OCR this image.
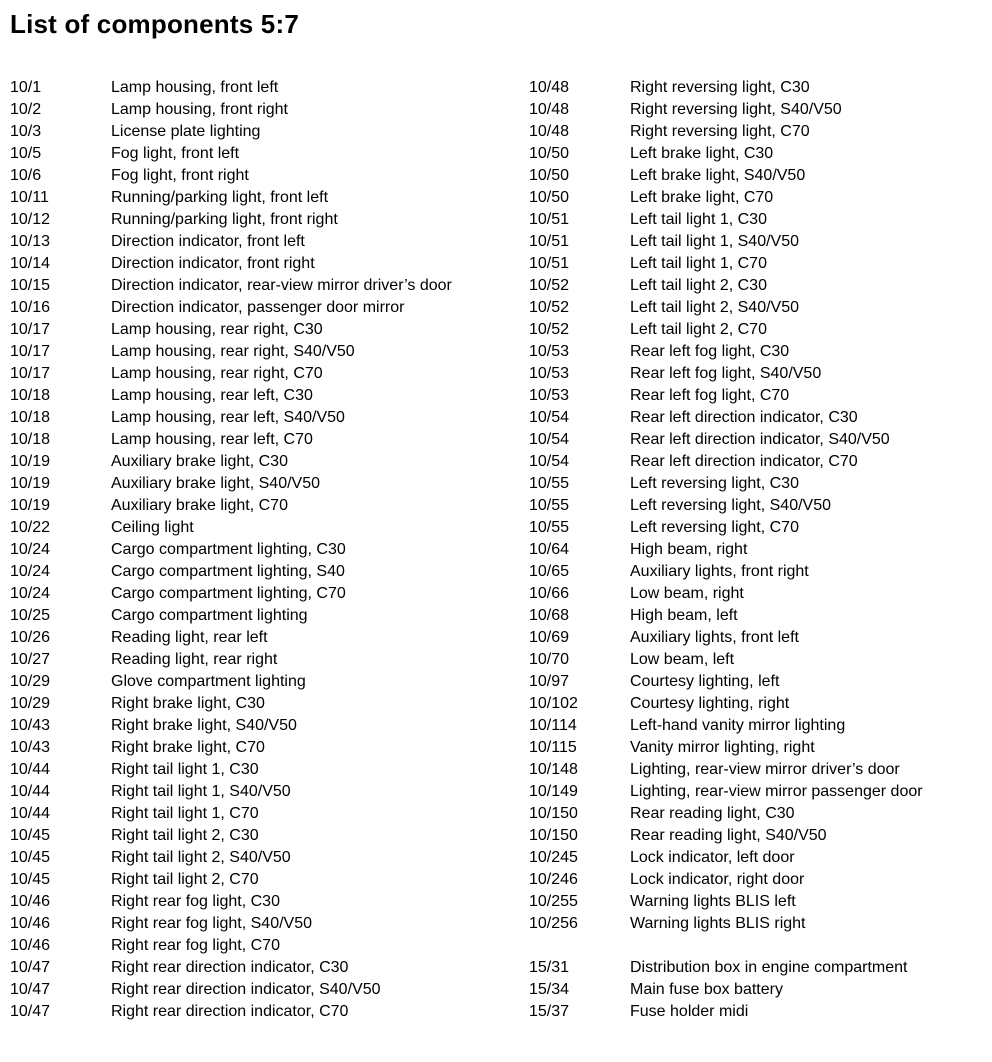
List of components 5:7
10/1	Lamp housing, front left
10/2	Lamp housing, front right
10/3	License plate lighting
10/5	Fog light, front left
10/6	Fog light, front right
10/11	Running/parking light, front left
10/12	Running/parking light, front right
10/13	Direction indicator, front left
10/14	Direction indicator, front right
10/15	Direction indicator, rear-view mirror driver’s door
10/16	Direction indicator, passenger door mirror
10/17	Lamp housing, rear right, C30
10/17	Lamp housing, rear right, S40/V50
10/17	Lamp housing, rear right, C70
10/18	Lamp housing, rear left, C30
10/18	Lamp housing, rear left, S40/V50
10/18	Lamp housing, rear left, C70
10/19	Auxiliary brake light, C30
10/19	Auxiliary brake light, S40/V50
10/19	Auxiliary brake light, C70
10/22	Ceiling light
10/24	Cargo compartment lighting, C30
10/24	Cargo compartment lighting, S40
10/24	Cargo compartment lighting, C70
10/25	Cargo compartment lighting
10/26	Reading light, rear left
10/27	Reading light, rear right
10/29	Glove compartment lighting
10/29	Right brake light, C30
10/43	Right brake light, S40/V50
10/43	Right brake light, C70
10/44	Right tail light 1, C30
10/44	Right tail light 1, S40/V50
10/44	Right tail light 1, C70
10/45	Right tail light 2, C30
10/45	Right tail light 2, S40/V50
10/45	Right tail light 2, C70
10/46	Right rear fog light, C30
10/46	Right rear fog light, S40/V50
10/46	Right rear fog light, C70
10/47	Right rear direction indicator, C30
10/47	Right rear direction indicator, S40/V50
10/47	Right rear direction indicator, C70
10/48	Right reversing light, C30
10/48	Right reversing light, S40/V50
10/48	Right reversing light, C70
10/50	Left brake light, C30
10/50	Left brake light, S40/V50
10/50	Left brake light, C70
10/51	Left tail light 1, C30
10/51	Left tail light 1, S40/V50
10/51	Left tail light 1, C70
10/52	Left tail light 2, C30
10/52	Left tail light 2, S40/V50
10/52	Left tail light 2, C70
10/53	Rear left fog light, C30
10/53	Rear left fog light, S40/V50
10/53	Rear left fog light, C70
10/54	Rear left direction indicator, C30
10/54	Rear left direction indicator, S40/V50
10/54	Rear left direction indicator, C70
10/55	Left reversing light, C30
10/55	Left reversing light, S40/V50
10/55	Left reversing light, C70
10/64	High beam, right
10/65	Auxiliary lights, front right
10/66	Low beam, right
10/68	High beam, left
10/69	Auxiliary lights, front left
10/70	Low beam, left
10/97	Courtesy lighting, left
10/102	Courtesy lighting, right
10/114	Left-hand vanity mirror lighting
10/115	Vanity mirror lighting, right
10/148	Lighting, rear-view mirror driver’s door
10/149	Lighting, rear-view mirror passenger door
10/150	Rear reading light, C30
10/150	Rear reading light, S40/V50
10/245	Lock indicator, left door
10/246	Lock indicator, right door
10/255	Warning lights BLIS left
10/256	Warning lights BLIS right
15/31	Distribution box in engine compartment
15/34	Main fuse box battery
15/37	Fuse holder midi
